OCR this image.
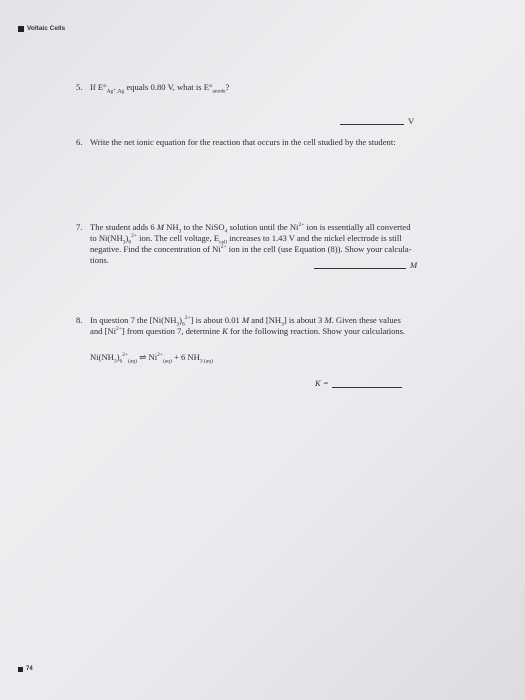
Voltaic Cells
5. If $E^\circ_{Ag^+,Ag}$ equals 0.80 V, what is $E^\circ_{anode}$?
V
6. Write the net ionic equation for the reaction that occurs in the cell studied by the student:
7. The student adds 6 M $NH_3$ to the NiSO$_4$ solution until the $Ni^{2+}$ ion is essentially all converted
to $Ni(NH_3)_6^{2+}$ ion. The cell voltage, $E_{cell}$ increases to 1.43 V and the nickel electrode is still
negative. Find the concentration of $Ni^{2+}$ ion in the cell (use Equation (8)). Show your calcula-
tions.	M
8. In question 7 the $[Ni(NH_3)_6^{2+}]$ is about 0.01 M and $[NH_3]$ is about 3 M. Given these values
and $[Ni^{2+}]$ from question 7, determine K for the following reaction. Show your calculations.
$Ni(NH_3)_6^{2+}_{(aq)}$ ⇌ $Ni^{2+}_{(aq)} + 6$ $NH_{3 (aq)}$
K =
74
